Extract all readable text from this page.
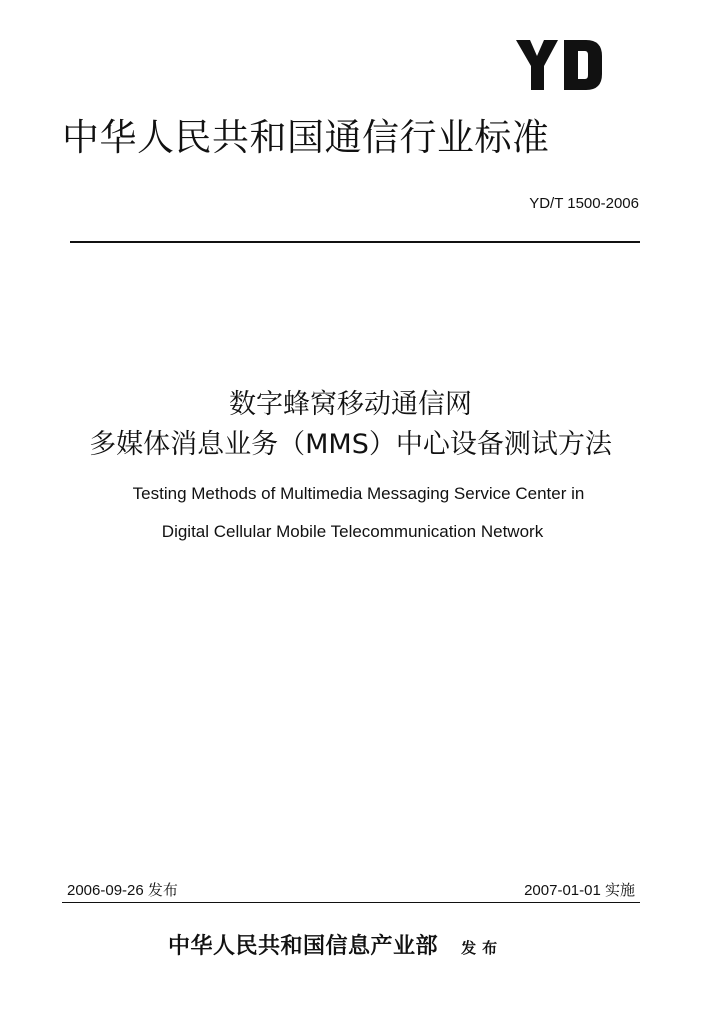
中华人民共和国通信行业标准

YD/T 1500-2006

数字蜂窝移动通信网
多媒体消息业务（MMS）中心设备测试方法

Testing Methods of Multimedia Messaging Service Center in

Digital Cellular Mobile Telecommunication Network

2006-09-26 发布	2007-01-01 实施
中华人民共和国信息产业部 发布
